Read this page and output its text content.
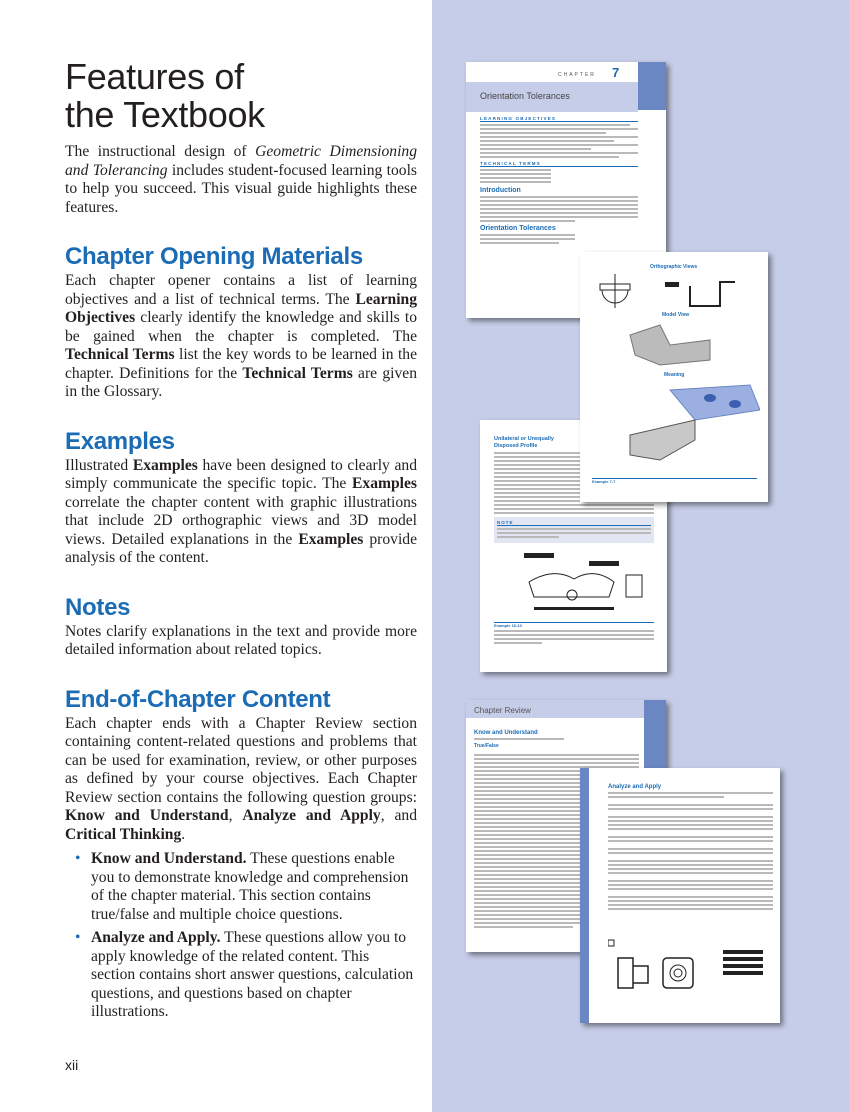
Features of
the Textbook

The instructional design of Geometric Dimensioning and Tolerancing includes student-focused learning tools to help you succeed. This visual guide highlights these features.

Chapter Opening Materials

Each chapter opener contains a list of learning objectives and a list of technical terms. The Learning Objectives clearly identify the knowledge and skills to be gained when the chapter is completed. The Technical Terms list the key words to be learned in the chapter. Definitions for the Technical Terms are given in the Glossary.

Examples

Illustrated Examples have been designed to clearly and simply communicate the specific topic. The Examples correlate the chapter content with graphic illustrations that include 2D orthographic views and 3D model views. Detailed explanations in the Examples provide analysis of the content.

Notes

Notes clarify explanations in the text and provide more detailed information about related topics.

End-of-Chapter Content

Each chapter ends with a Chapter Review section containing content-related questions and problems that can be used for examination, review, or other purposes as defined by your course objectives. Each Chapter Review section contains the following question groups: Know and Understand, Analyze and Apply, and Critical Thinking.

• Know and Understand. These questions enable you to demonstrate knowledge and comprehension of the chapter material. This section contains true/false and multiple choice questions.
• Analyze and Apply. These questions allow you to apply knowledge of the related content. This section contains short answer questions, calculation questions, and questions based on chapter illustrations.
xii
CHAPTER 7
Orientation Tolerances
LEARNING OBJECTIVES
TECHNICAL TERMS
Introduction
Orientation Tolerances
Unilateral or Unequally Disposed Profile
NOTE
Example 10-10
Orthographic Views
Model View
Meaning
Example 7-7
Chapter Review
Know and Understand
True/False
Analyze and Apply
